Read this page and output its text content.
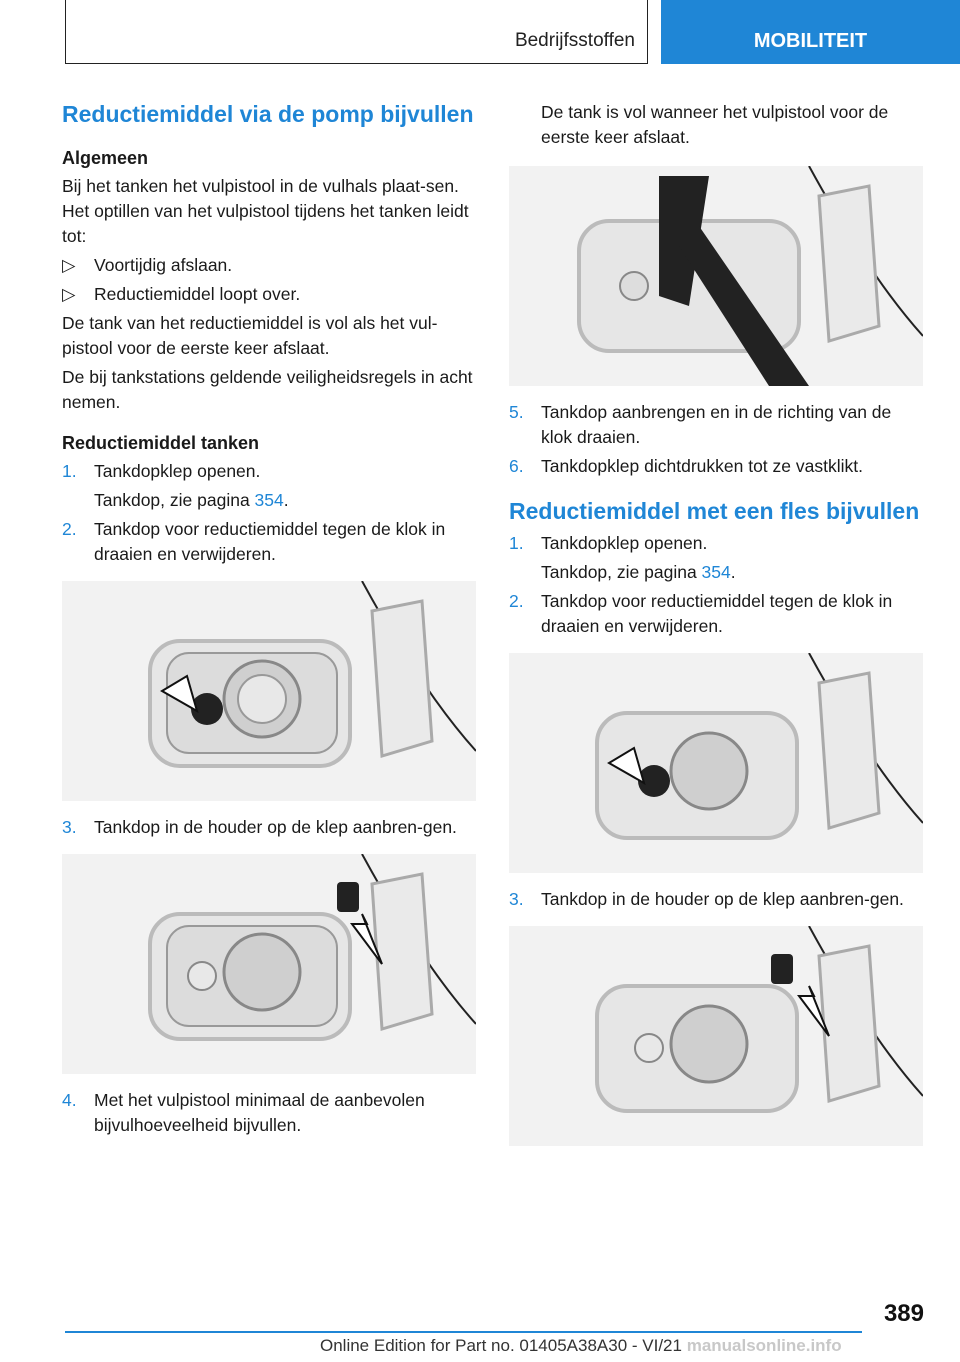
Bedrijfsstoffen	MOBILITEIT
Reductiemiddel via de pomp bijvullen
Algemeen

Bij het tanken het vulpistool in de vulhals plaat-sen. Het optillen van het vulpistool tijdens het tanken leidt tot:

▷ Voortijdig afslaan.
▷ Reductiemiddel loopt over.

De tank van het reductiemiddel is vol als het vul-pistool voor de eerste keer afslaat.

De bij tankstations geldende veiligheidsregels in acht nemen.

Reductiemiddel tanken
1. Tankdopklep openen.
Tankdop, zie pagina 354.
2. Tankdop voor reductiemiddel tegen de klok in draaien en verwijderen.
3. Tankdop in de houder op de klep aanbren-gen.
4. Met het vulpistool minimaal de aanbevolen bijvulhoeveelheid bijvullen.
De tank is vol wanneer het vulpistool voor de eerste keer afslaat.
5. Tankdop aanbrengen en in de richting van de klok draaien.
6. Tankdopklep dichtdrukken tot ze vastklikt.
Reductiemiddel met een fles bijvullen
1. Tankdopklep openen.
Tankdop, zie pagina 354.
2. Tankdop voor reductiemiddel tegen de klok in draaien en verwijderen.
3. Tankdop in de houder op de klep aanbren-gen.
389
Online Edition for Part no. 01405A38A30 - VI/21 manualsonline.info
